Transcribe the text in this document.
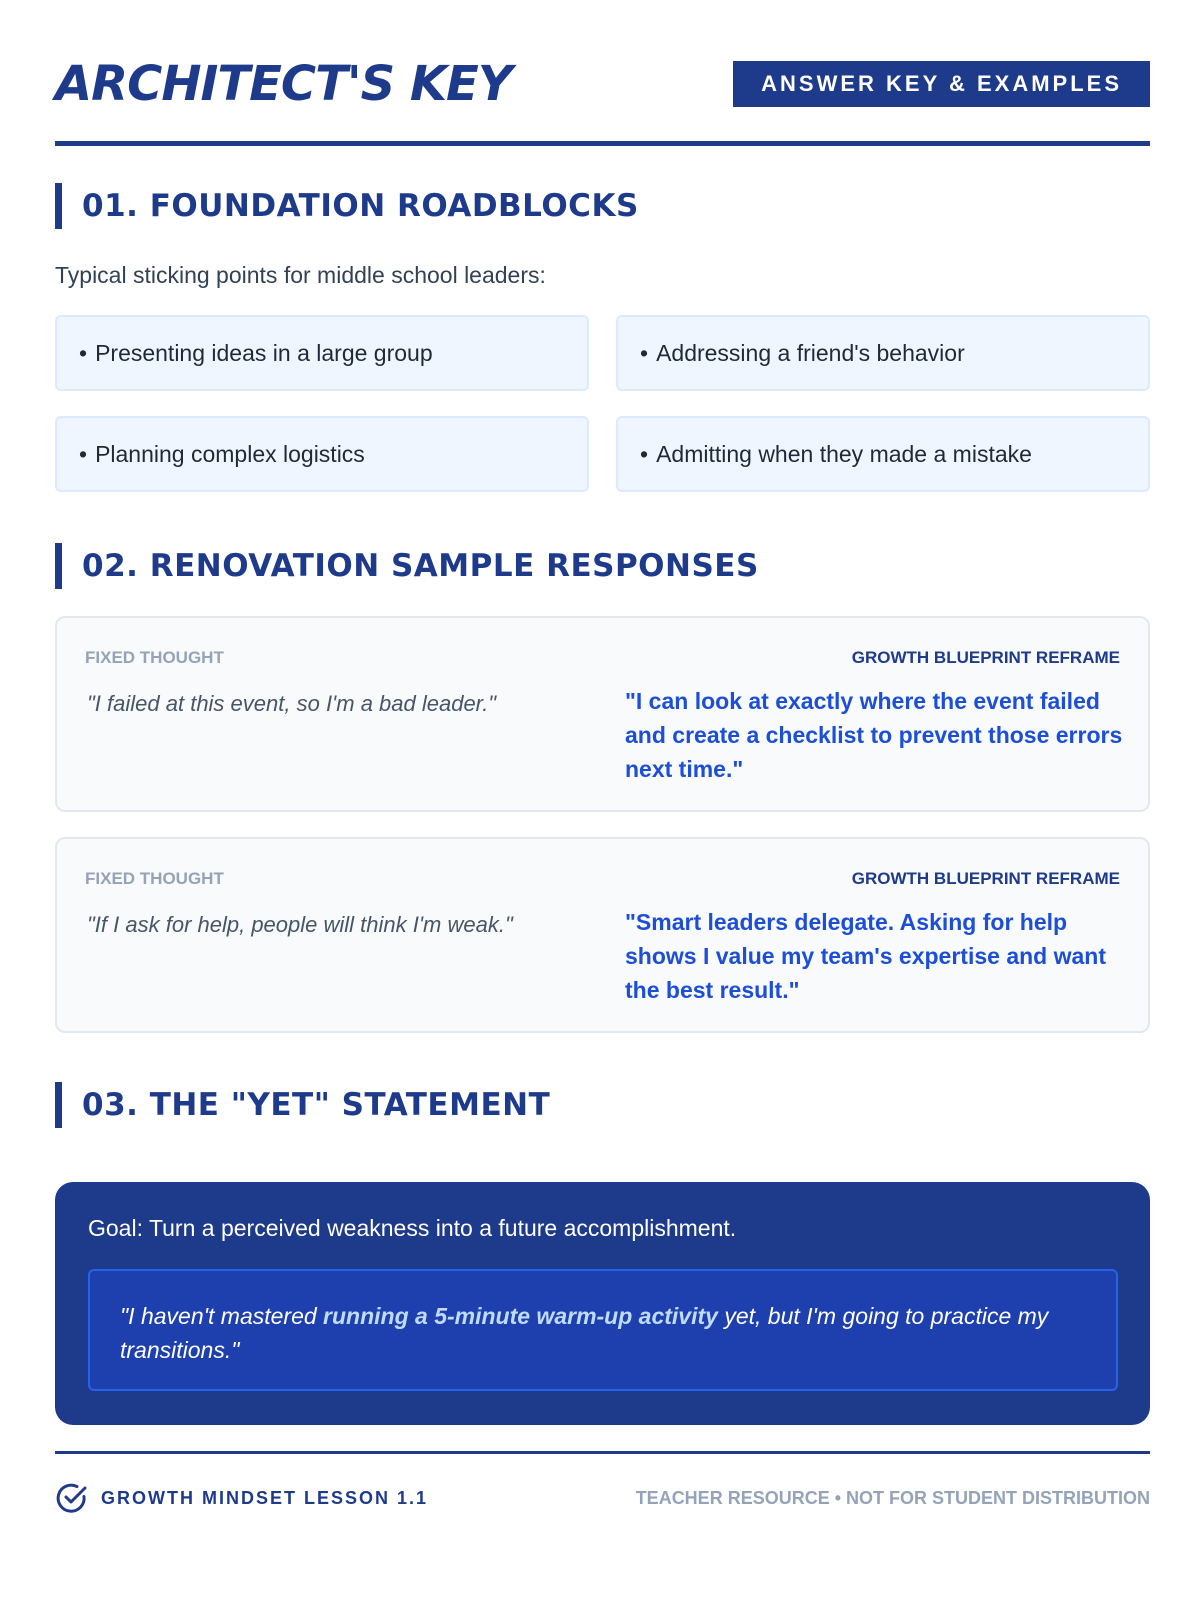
ARCHITECT'S KEY	ANSWER KEY & EXAMPLES
01. FOUNDATION ROADBLOCKS
Typical sticking points for middle school leaders:
• Presenting ideas in a large group	• Addressing a friend's behavior
• Planning complex logistics	• Admitting when they made a mistake
02. RENOVATION SAMPLE RESPONSES
FIXED THOUGHT	GROWTH BLUEPRINT REFRAME
"I failed at this event, so I'm a bad leader."	"I can look at exactly where the event failed and create a checklist to prevent those errors next time."
FIXED THOUGHT	GROWTH BLUEPRINT REFRAME
"If I ask for help, people will think I'm weak."	"Smart leaders delegate. Asking for help shows I value my team's expertise and want the best result."
03. THE "YET" STATEMENT
Goal: Turn a perceived weakness into a future accomplishment.
"I haven't mastered running a 5-minute warm-up activity yet, but I'm going to practice my transitions."
GROWTH MINDSET LESSON 1.1	TEACHER RESOURCE • NOT FOR STUDENT DISTRIBUTION
